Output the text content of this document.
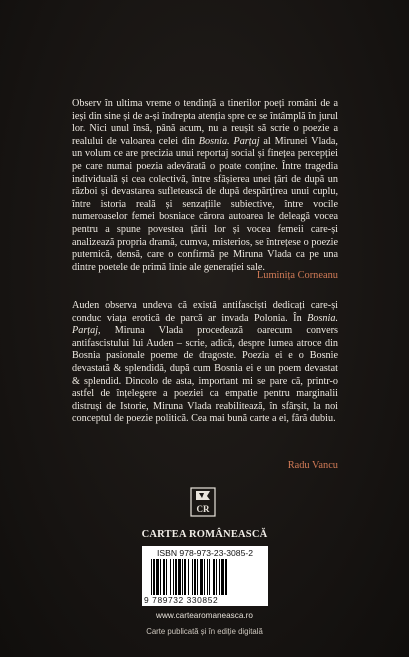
Observ în ultima vreme o tendință a tinerilor poeți români de a ieși din sine și de a-și îndrepta atenția spre ce se întâmplă în jurul lor. Nici unul însă, până acum, nu a reușit să scrie o poezie a realului de valoarea celei din Bosnia. Parțaj al Mirunei Vlada, un volum ce are precizia unui reportaj social și finețea percepției pe care numai poezia adevărată o poate conține. Între tragedia individuală și cea colectivă, între sfâșierea unei țări de după un război și devastarea sufletească de după despărțirea unui cuplu, între istoria reală și senzațiile subiective, între vocile numeroaselor femei bosniace cărora autoarea le deleagă vocea pentru a spune povestea țării lor și vocea femeii care-și analizează propria dramă, cumva, misterios, se întrețese o poezie puternică, densă, care o confirmă pe Miruna Vlada ca pe una dintre poetele de primă linie ale generației sale.

Luminița Corneanu

Auden observa undeva că există antifasciști dedicați care-și conduc viața erotică de parcă ar invada Polonia. În Bosnia. Parțaj, Miruna Vlada procedează oarecum convers antifascistului lui Auden – scrie, adică, despre lumea atroce din Bosnia pasionale poeme de dragoste. Poezia ei e o Bosnie devastată & splendidă, după cum Bosnia ei e un poem devastat & splendid. Dincolo de asta, important mi se pare că, printr-o astfel de înțelegere a poeziei ca empatie pentru marginalii distruși de Istorie, Miruna Vlada reabilitează, în sfârșit, la noi conceptul de poezie politică. Cea mai bună carte a ei, fără dubiu.

Radu Vancu
CR
CARTEA ROMÂNEASCĂ
ISBN 978-973-23-3085-2
9 789732 330852
www.cartearomaneasca.ro
Carte publicată și în ediție digitală
